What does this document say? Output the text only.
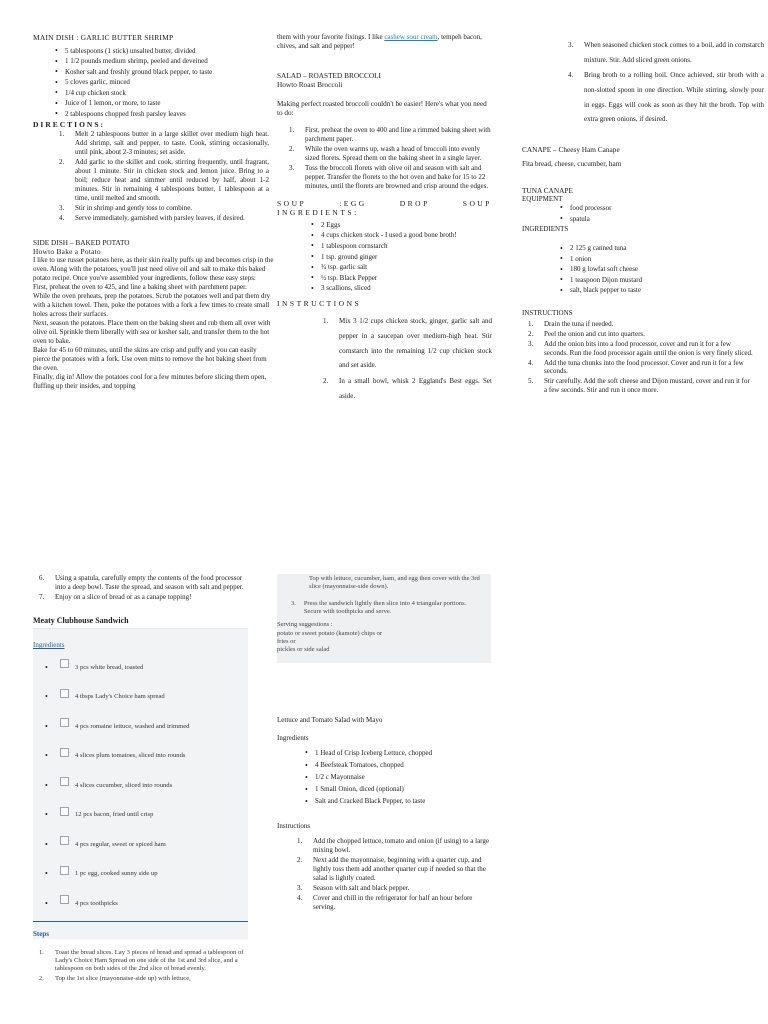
MAIN DISH : GARLIC BUTTER SHRIMP
• 5 tablespoons (1 stick) unsalted butter, divided
• 1 1/2 pounds medium shrimp, peeled and deveined
• Kosher salt and freshly ground black pepper, to taste
• 5 cloves garlic, minced
• 1/4 cup chicken stock
• Juice of 1 lemon, or more, to taste
• 2 tablespoons chopped fresh parsley leaves
DIRECTIONS:
1. Melt 2 tablespoons butter in a large skillet over medium high heat. Add shrimp, salt and pepper, to taste. Cook, stirring occasionally, until pink, about 2-3 minutes; set aside.
2. Add garlic to the skillet and cook, stirring frequently, until fragrant, about 1 minute. Stir in chicken stock and lemon juice. Bring to a boil; reduce heat and simmer until reduced by half, about 1-2 minutes. Stir in remaining 4 tablespoons butter, 1 tablespoon at a time, until melted and smooth.
3. Stir in shrimp and gently toss to combine.
4. Serve immediately, garnished with parsley leaves, if desired.
SIDE DISH – BAKED POTATO
Howto Bake a Potato

I like to use russet potatoes here, as their skin really puffs up and becomes crisp in the oven. Along with the potatoes, you'll just need olive oil and salt to make this baked potato recipe. Once you've assembled your ingredients, follow these easy steps:

First, preheat the oven to 425, and line a baking sheet with parchment paper.

While the oven preheats, prep the potatoes. Scrub the potatoes well and pat them dry with a kitchen towel. Then, poke the potatoes with a fork a few times to create small holes across their surfaces.

Next, season the potatoes. Place them on the baking sheet and rub them all over with olive oil. Sprinkle them liberally with sea or kosher salt, and transfer them to the hot oven to bake.

Bake for 45 to 60 minutes, until the skins are crisp and puffy and you can easily pierce the potatoes with a fork. Use oven mitts to remove the hot baking sheet from the oven.

Finally, dig in! Allow the potatoes cool for a few minutes before slicing them open, fluffing up their insides, and topping

them with your favorite fixings. I like cashew sour cream, tempeh bacon, chives, and salt and pepper!

SALAD – ROASTED BROCCOLI
Howto Roast Broccoli

Making perfect roasted broccoli couldn't be easier! Here's what you need to do:

1. First, preheat the oven to 400 and line a rimmed baking sheet with parchment paper.
2. While the oven warms up, wash a head of broccoli into evenly sized florets. Spread them on the baking sheet in a single layer.
3. Toss the broccoli florets with olive oil and season with salt and pepper. Transfer the florets to the hot oven and bake for 15 to 22 minutes, until the florets are browned and crisp around the edges.
SOUP	:EGG	DROP	SOUP
INGREDIENTS:
• 2 Eggs
• 4 cups chicken stock - I used a good bone broth!
• 1 tablespoon cornstarch
• 1 tsp. ground ginger
• ¾ tsp. garlic salt
• ½ tsp. Black Pepper
• 3 scallions, sliced
INSTRUCTIONS
1. Mix 3 1/2 cups chicken stock, ginger, garlic salt and pepper in a saucepan over medium-high heat. Stir cornstarch into the remaining 1/2 cup chicken stock and set aside.
2. In a small bowl, whisk 2 Eggland's Best eggs. Set aside.
3. When seasoned chicken stock comes to a boil, add in cornstarch mixture. Stir. Add sliced green onions.
4. Bring broth to a rolling boil. Once achieved, stir broth with a non-slotted spoon in one direction. While stirring, slowly pour in eggs. Eggs will cook as soon as they hit the broth. Top with extra green onions, if desired.
CANAPE – Cheesy Ham Canape
Fita bread, cheese, cucumber, ham
TUNA CANAPE
EQUIPMENT
• food processor
• spatula
INGREDIENTS
• 2 125 g canned tuna
• 1 onion
• 180 g lowfat soft cheese
• 1 teaspoon Dijon mustard
• salt, black pepper to taste
INSTRUCTIONS
1. Drain the tuna if needed.
2. Peel the onion and cut into quarters.
3. Add the onion bits into a food processor, cover and run it for a few seconds. Run the food processor again until the onion is very finely sliced.
4. Add the tuna chunks into the food processor. Cover and run it for a few seconds.
5. Stir carefully. Add the soft cheese and Dijon mustard, cover and run it for a few seconds. Stir and run it once more.
6. Using a spatula, carefully empty the contents of the food processor into a deep bowl. Taste the spread, and season with salt and pepper.
7. Enjoy on a slice of bread or as a canape topping!
Meaty Clubhouse Sandwich
Ingredients
•	3 pcs white bread, toasted
•	4 tbsps Lady's Choice ham spread
•	4 pcs romaine lettuce, washed and trimmed
•	4 slices plum tomatoes, sliced into rounds
•	4 slices cucumber, sliced into rounds
•	12 pcs bacon, fried until crisp
•	4 pcs regular, sweet or spiced ham
•	1 pc egg, cooked sunny side up
•	4 pcs toothpicks
Steps
1. Toast the bread slices. Lay 3 pieces of bread and spread a tablespoon of Lady's Choice Ham Spread on one side of the 1st and 3rd slice, and a tablespoon on both sides of the 2nd slice of bread evenly.
2. Top the 1st slice (mayonnaise-side up) with lettuce,

Top with lettuce, cucumber, ham, and egg then cover with the 3rd slice (mayonnaise-side down).

3.	Press the sandwich lightly then slice into 4 triangular portions. Secure with toothpicks and serve.
Serving suggestions :
potato or sweet potato (kamote) chips or
fries or
pickles or side salad
Lettuce and Tomato Salad with Mayo
Ingredients
• 1 Head of Crisp Iceberg Lettuce, chopped
• 4 Beefsteak Tomatoes, chopped
• 1/2 c Mayonnaise
• 1 Small Onion, diced (optional)
• Salt and Cracked Black Pepper, to taste
Instructions
1. Add the chopped lettuce, tomato and onion (if using) to a large mixing bowl.
2. Next add the mayonnaise, beginning with a quarter cup, and lightly toss them add another quarter cup if needed so that the salad is lightly coated.
3. Season with salt and black pepper.
4. Cover and chill in the refrigerator for half an hour before serving.
